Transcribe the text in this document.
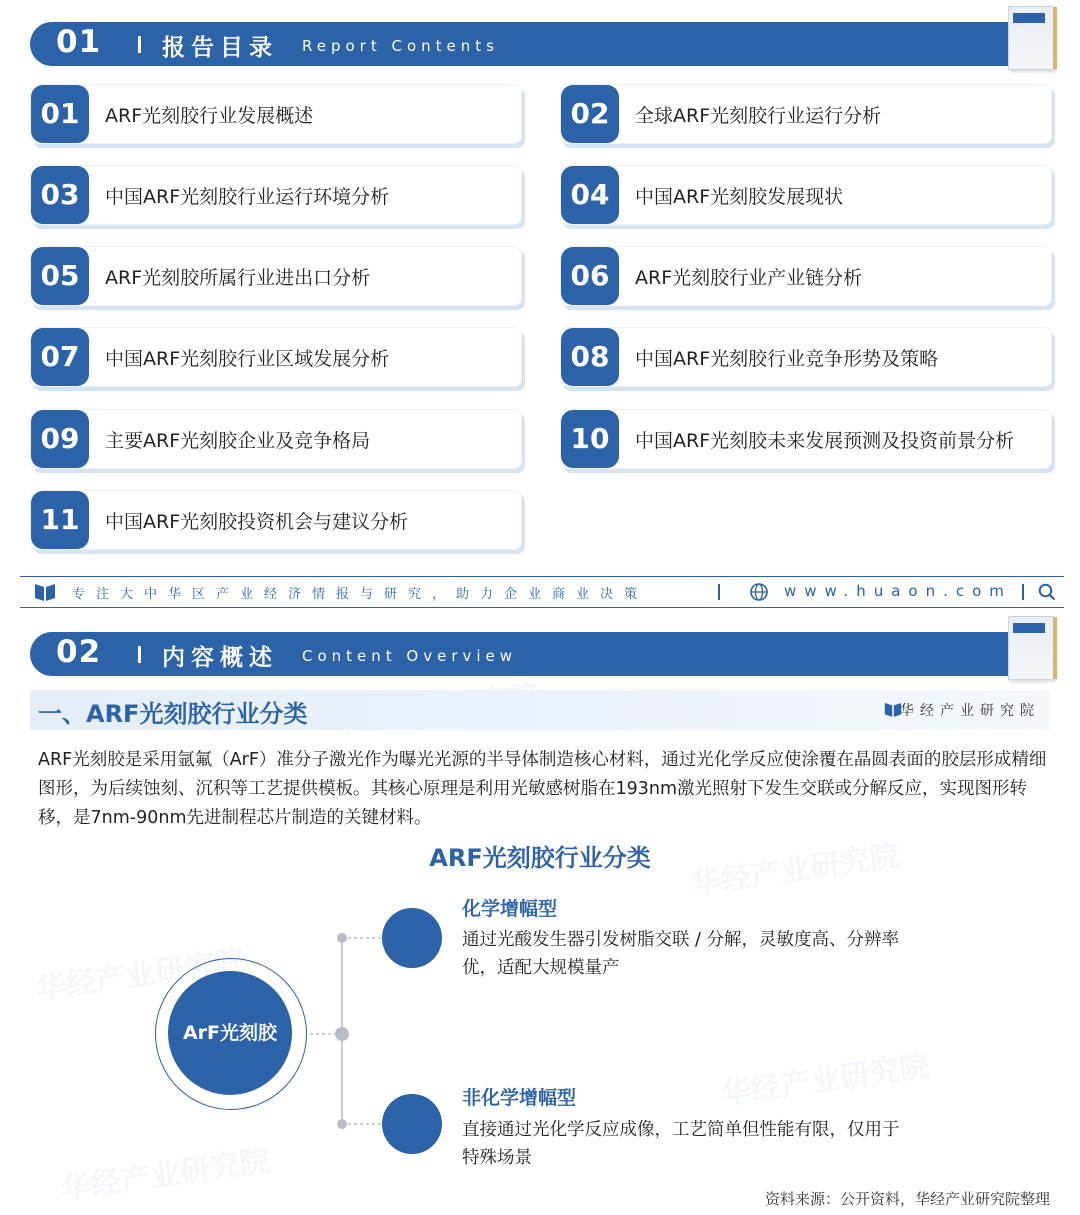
华经产业研究院
华经产业研究院
华经产业研究院
华经产业研究院
01	报告目录 Report Contents
01	ARF光刻胶行业发展概述	02	全球ARF光刻胶行业运行分析
03	中国ARF光刻胶行业运行环境分析	04	中国ARF光刻胶发展现状
05	ARF光刻胶所属行业进出口分析	06	ARF光刻胶行业产业链分析
07	中国ARF光刻胶行业区域发展分析	08	中国ARF光刻胶行业竞争形势及策略
09	主要ARF光刻胶企业及竞争格局	10	中国ARF光刻胶未来发展预测及投资前景分析
11	中国ARF光刻胶投资机会与建议分析
专注大中华区产业经济情报与研究，助力企业商业决策	www.huaon.com
02	内容概述 Content Overview
一、ARF光刻胶行业分类	华经产业研究院
ARF光刻胶是采用氩氟（ArF）准分子激光作为曝光光源的半导体制造核心材料，通过光化学反应使涂覆在晶圆表面的胶层形成精细图形，为后续蚀刻、沉积等工艺提供模板。其核心原理是利用光敏感树脂在193nm激光照射下发生交联或分解反应，实现图形转移，是7nm-90nm先进制程芯片制造的关键材料。
ARF光刻胶行业分类
ArF光刻胶
化学增幅型
通过光酸发生器引发树脂交联 / 分解，灵敏度高、分辨率优，适配大规模量产
非化学增幅型
直接通过光化学反应成像，工艺简单但性能有限，仅用于特殊场景
资料来源：公开资料，华经产业研究院整理
